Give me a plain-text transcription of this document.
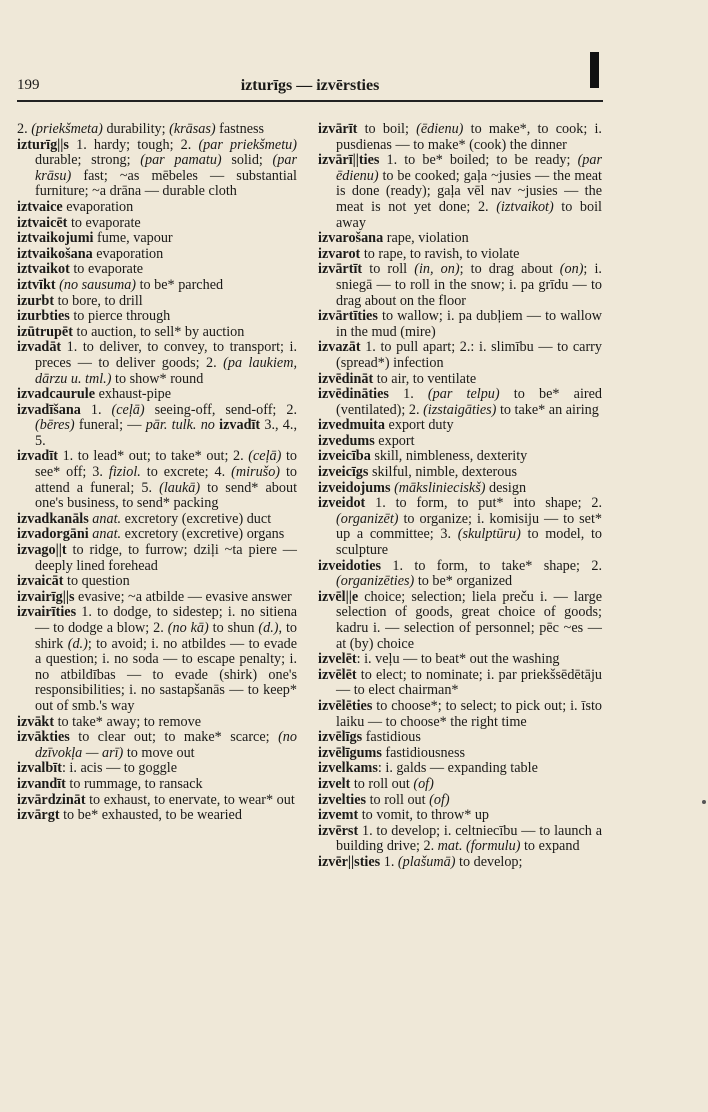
199	izturīgs — izvērsties

2. (priekšmeta) durability; (krāsas) fastness

izturīg||s 1. hardy; tough; 2. (par priekšmetu) durable; strong; (par pamatu) solid; (par krāsu) fast; ~as mēbeles — substantial furniture; ~a drāna — durable cloth

iztvaice evaporation

iztvaicēt to evaporate

iztvaikojumi fume, vapour

iztvaikošana evaporation

iztvaikot to evaporate

iztvīkt (no sausuma) to be* parched

izurbt to bore, to drill

izurbties to pierce through

izūtrupēt to auction, to sell* by auction

izvadāt 1. to deliver, to convey, to transport; i. preces — to deliver goods; 2. (pa laukiem, dārzu u. tml.) to show* round

izvadcaurule exhaust-pipe

izvadīšana 1. (ceļā) seeing-off, send-off; 2. (bēres) funeral; — pār. tulk. no izvadīt 3., 4., 5.

izvadīt 1. to lead* out; to take* out; 2. (ceļā) to see* off; 3. fiziol. to excrete; 4. (mirušo) to attend a funeral; 5. (laukā) to send* about one's business, to send* packing

izvadkanāls anat. excretory (excretive) duct

izvadorgāni anat. excretory (excretive) organs

izvago||t to ridge, to furrow; dziļi ~ta piere — deeply lined forehead

izvaicāt to question

izvairīg||s evasive; ~a atbilde — evasive answer

izvairīties 1. to dodge, to sidestep; i. no sitiena — to dodge a blow; 2. (no kā) to shun (d.), to shirk (d.); to avoid; i. no atbildes — to evade a question; i. no soda — to escape penalty; i. no atbildības — to evade (shirk) one's responsibilities; i. no sastapšanās — to keep* out of smb.'s way

izvākt to take* away; to remove

izvākties to clear out; to make* scarce; (no dzīvokļa — arī) to move out

izvalbīt: i. acis — to goggle

izvandīt to rummage, to ransack

izvārdzināt to exhaust, to enervate, to wear* out

izvārgt to be* exhausted, to be wearied

izvārīt to boil; (ēdienu) to make*, to cook; i. pusdienas — to make* (cook) the dinner

izvārī||ties 1. to be* boiled; to be ready; (par ēdienu) to be cooked; gaļa ~jusies — the meat is done (ready); gaļa vēl nav ~jusies — the meat is not yet done; 2. (iztvaikot) to boil away

izvarošana rape, violation

izvarot to rape, to ravish, to violate

izvārtīt to roll (in, on); to drag about (on); i. sniegā — to roll in the snow; i. pa grīdu — to drag about on the floor

izvārtīties to wallow; i. pa dubļiem — to wallow in the mud (mire)

izvazāt 1. to pull apart; 2.: i. slimību — to carry (spread*) infection

izvēdināt to air, to ventilate

izvēdināties 1. (par telpu) to be* aired (ventilated); 2. (izstaigāties) to take* an airing

izvedmuita export duty

izvedums export

izveicība skill, nimbleness, dexterity

izveicīgs skilful, nimble, dexterous

izveidojums (mākslinieciskš) design

izveidot 1. to form, to put* into shape; 2. (organizēt) to organize; i. komisiju — to set* up a committee; 3. (skulptūru) to model, to sculpture

izveidoties 1. to form, to take* shape; 2. (organizēties) to be* organized

izvēl||e choice; selection; liela preču i. — large selection of goods, great choice of goods; kadru i. — selection of personnel; pēc ~es — at (by) choice

izvelēt: i. veļu — to beat* out the washing

izvēlēt to elect; to nominate; i. par priekšsēdētāju — to elect chairman*

izvēlēties to choose*; to select; to pick out; i. īsto laiku — to choose* the right time

izvēlīgs fastidious

izvēlīgums fastidiousness

izvelkams: i. galds — expanding table

izvelt to roll out (of)

izvelties to roll out (of)

izvemt to vomit, to throw* up

izvērst 1. to develop; i. celtniecību — to launch a building drive; 2. mat. (formulu) to expand

izvēr||sties 1. (plašumā) to develop;
